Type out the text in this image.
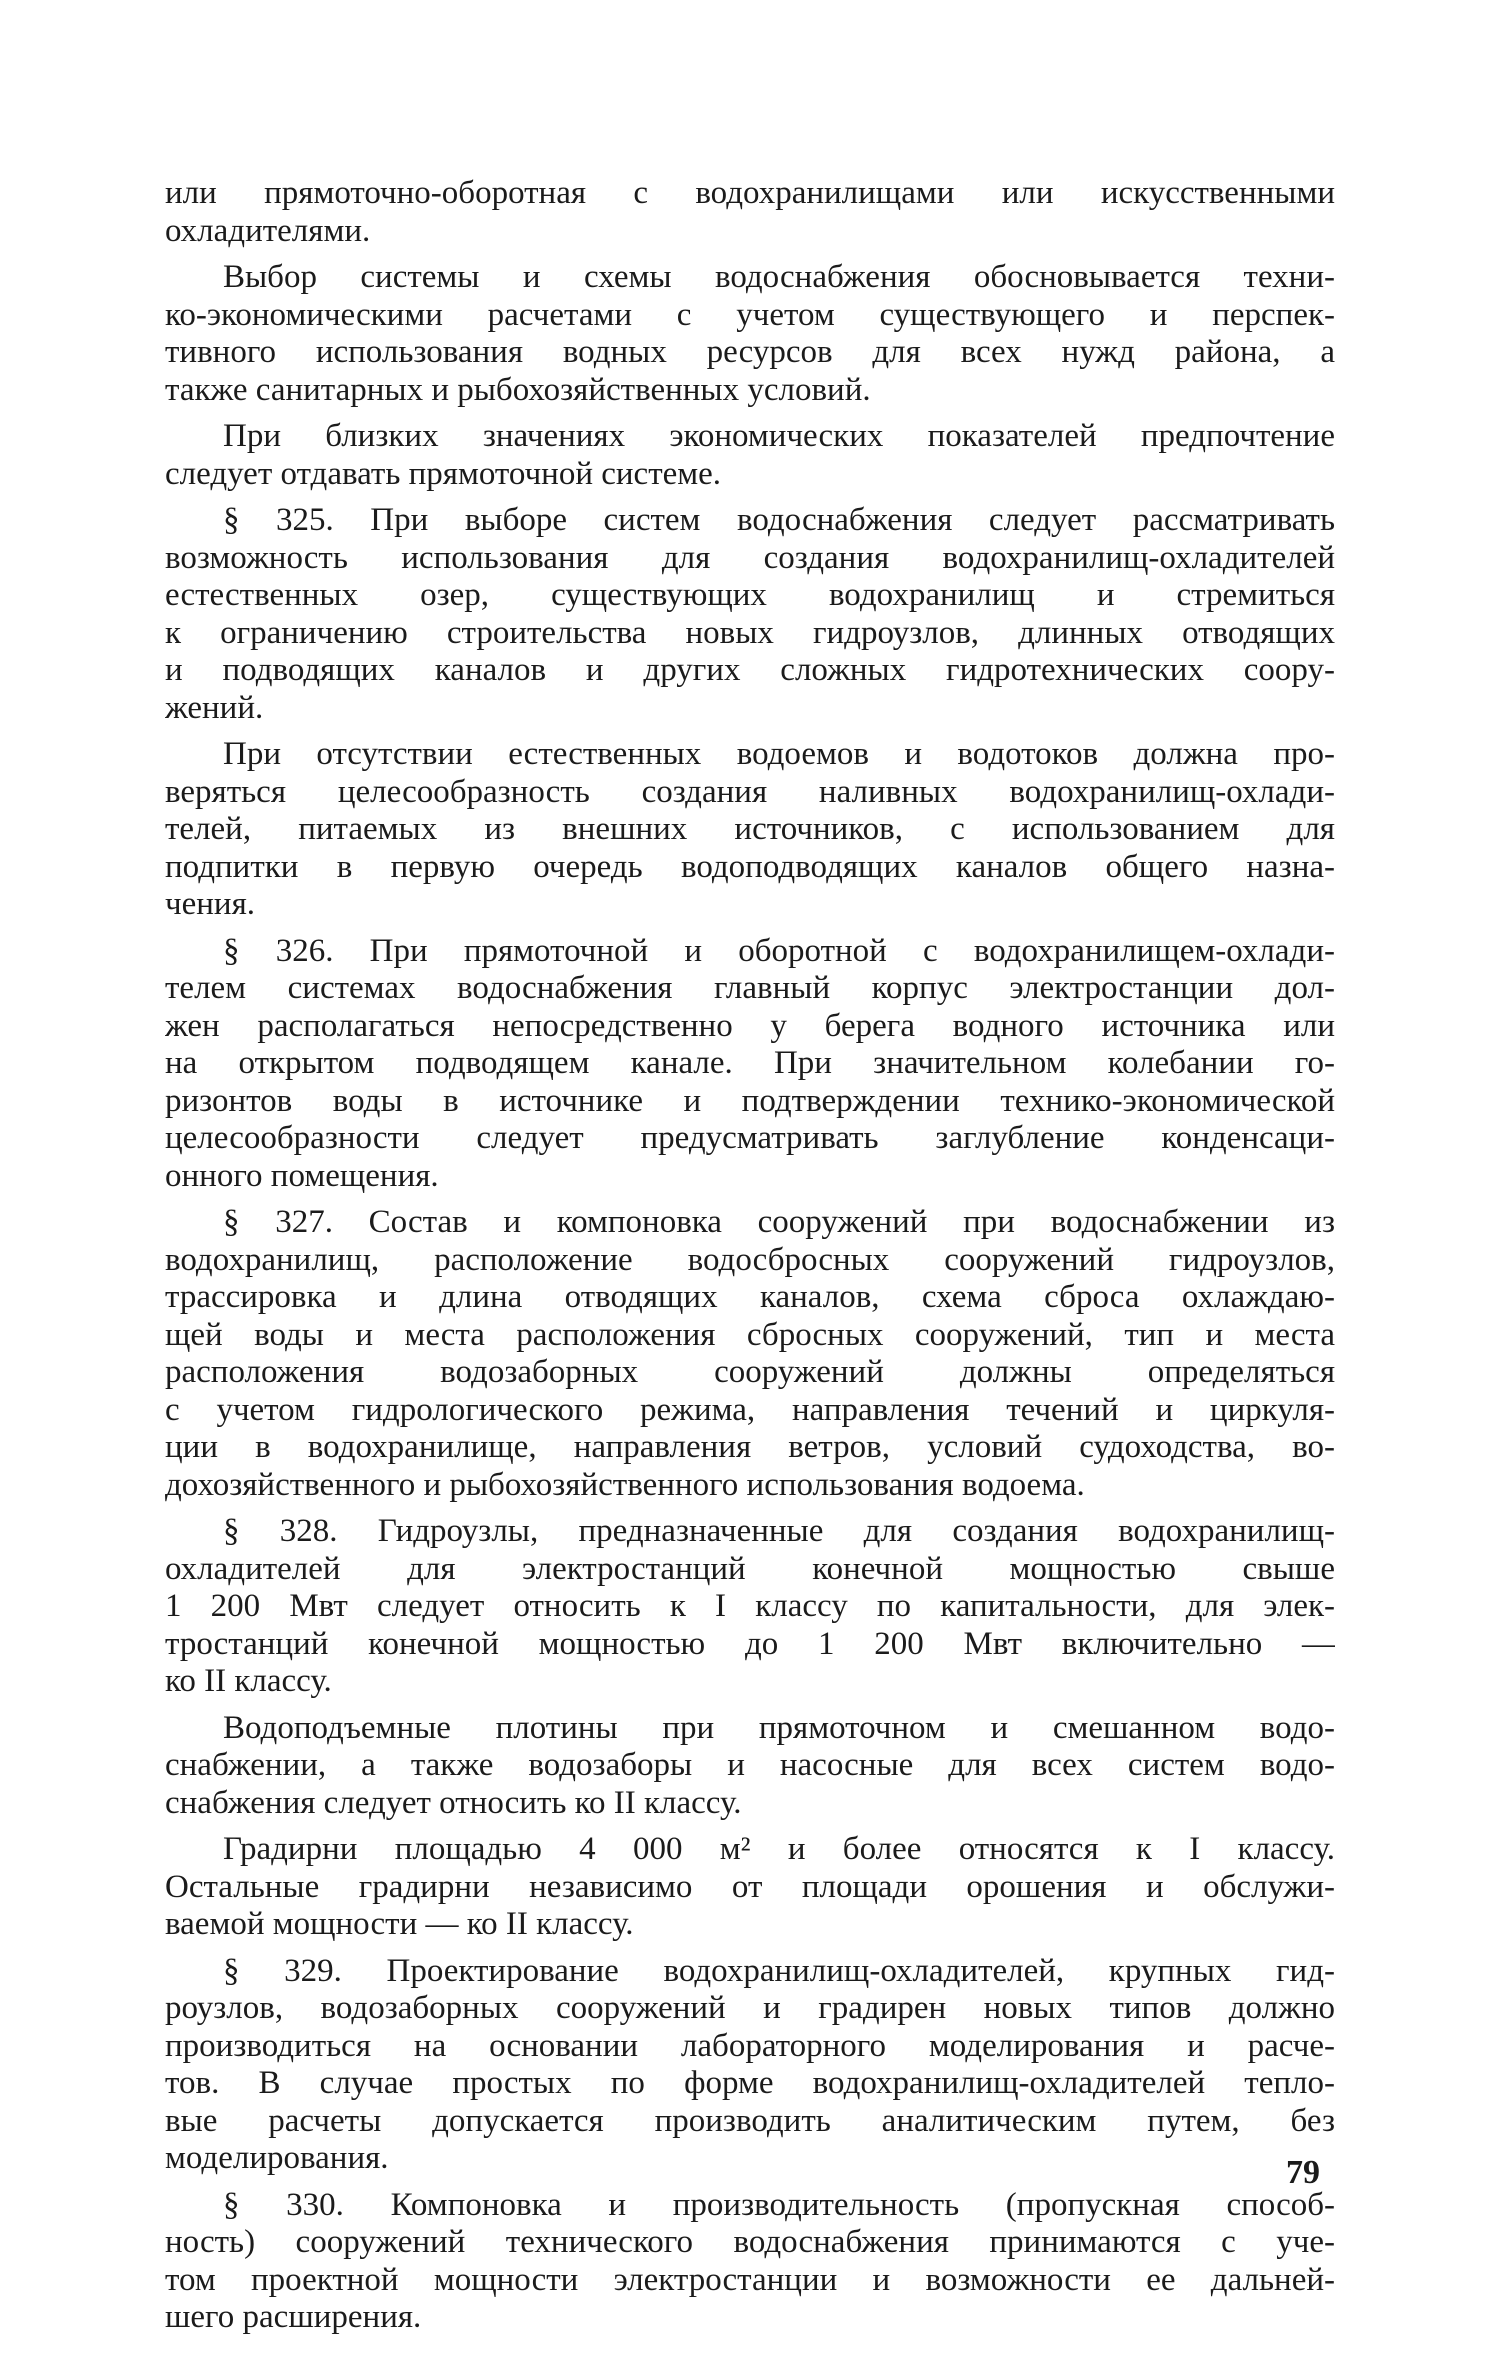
или прямоточно-оборотная с водохранилищами или искусственными
охладителями.
Выбор системы и схемы водоснабжения обосновывается техни-
ко-экономическими расчетами с учетом существующего и перспек-
тивного использования водных ресурсов для всех нужд района, а
также санитарных и рыбохозяйственных условий.
При близких значениях экономических показателей предпочтение
следует отдавать прямоточной системе.
§ 325. При выборе систем водоснабжения следует рассматривать
возможность использования для создания водохранилищ-охладителей
естественных озер, существующих водохранилищ и стремиться
к ограничению строительства новых гидроузлов, длинных отводящих
и подводящих каналов и других сложных гидротехнических соору-
жений.
При отсутствии естественных водоемов и водотоков должна про-
веряться целесообразность создания наливных водохранилищ-охлади-
телей, питаемых из внешних источников, с использованием для
подпитки в первую очередь водоподводящих каналов общего назна-
чения.
§ 326. При прямоточной и оборотной с водохранилищем-охлади-
телем системах водоснабжения главный корпус электростанции дол-
жен располагаться непосредственно у берега водного источника или
на открытом подводящем канале. При значительном колебании го-
ризонтов воды в источнике и подтверждении технико-экономической
целесообразности следует предусматривать заглубление конденсаци-
онного помещения.
§ 327. Состав и компоновка сооружений при водоснабжении из
водохранилищ, расположение водосбросных сооружений гидроузлов,
трассировка и длина отводящих каналов, схема сброса охлаждаю-
щей воды и места расположения сбросных сооружений, тип и места
расположения водозаборных сооружений должны определяться
с учетом гидрологического режима, направления течений и циркуля-
ции в водохранилище, направления ветров, условий судоходства, во-
дохозяйственного и рыбохозяйственного использования водоема.
§ 328. Гидроузлы, предназначенные для создания водохранилищ-
охладителей для электростанций конечной мощностью свыше
1 200 Мвт следует относить к I классу по капитальности, для элек-
тростанций конечной мощностью до 1 200 Мвт включительно —
ко II классу.
Водоподъемные плотины при прямоточном и смешанном водо-
снабжении, а также водозаборы и насосные для всех систем водо-
снабжения следует относить ко II классу.
Градирни площадью 4 000 м² и более относятся к I классу.
Остальные градирни независимо от площади орошения и обслужи-
ваемой мощности — ко II классу.
§ 329. Проектирование водохранилищ-охладителей, крупных гид-
роузлов, водозаборных сооружений и градирен новых типов должно
производиться на основании лабораторного моделирования и расче-
тов. В случае простых по форме водохранилищ-охладителей тепло-
вые расчеты допускается производить аналитическим путем, без
моделирования.
§ 330. Компоновка и производительность (пропускная способ-
ность) сооружений технического водоснабжения принимаются с уче-
том проектной мощности электростанции и возможности ее дальней-
шего расширения.
79
